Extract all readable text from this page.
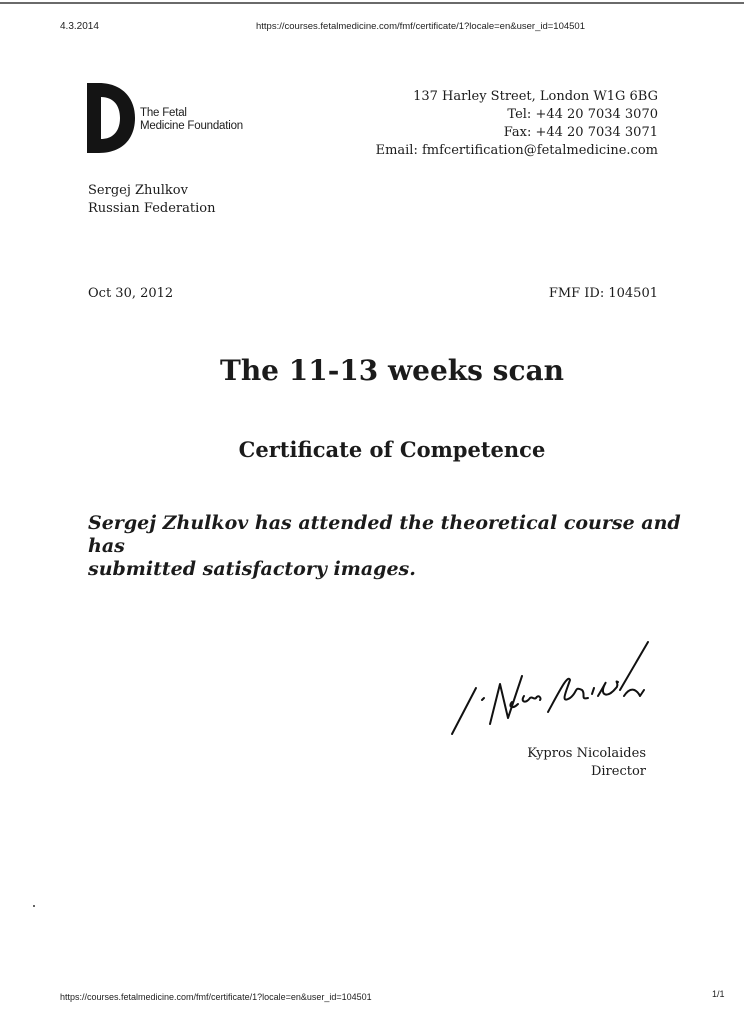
4.3.2014	https://courses.fetalmedicine.com/fmf/certificate/1?locale=en&user_id=104501
The Fetal
Medicine Foundation
137 Harley Street, London W1G 6BG
Tel: +44 20 7034 3070
Fax: +44 20 7034 3071
Email: fmfcertification@fetalmedicine.com
Sergej Zhulkov
Russian Federation
Oct 30, 2012	FMF ID: 104501
The 11-13 weeks scan
Certificate of Competence
Sergej Zhulkov has attended the theoretical course and has
submitted satisfactory images.
Kypros Nicolaides
Director
https://courses.fetalmedicine.com/fmf/certificate/1?locale=en&user_id=104501	1/1
